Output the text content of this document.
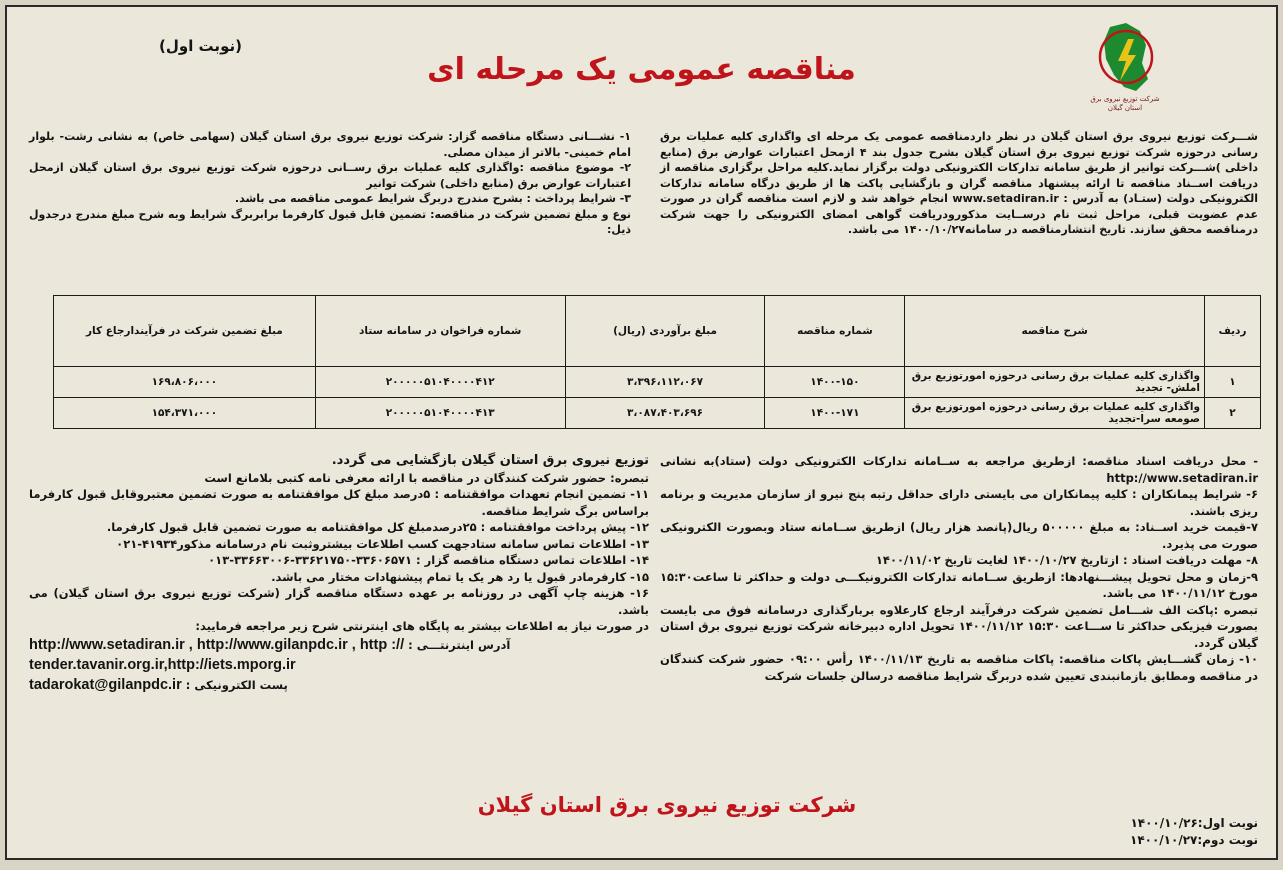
شرکت توزیع نیروی برق استان گیلان
(نوبت اول)
مناقصه عمومی یک مرحله ای

شـــرکت توزیع نیروی برق استان گیلان در نظر داردمناقصه عمومی یک مرحله ای واگذاری کلیه عملیات برق رسانی درحوزه شرکت توزیع نیروی برق استان گیلان بشرح جدول بند ۴ ازمحل اعتبارات عوارض برق (منابع داخلی )شـــرکت توانیر از طریق سامانه تدارکات الکترونیکی دولت برگزار نماید.کلیه مراحل برگزاری مناقصه از دریافت اســناد مناقصه تا ارائه پیشنهاد مناقصه گران و بازگشایی پاکت ها از طریق درگاه سامانه تدارکات الکترونیکی دولت (ستـاد) به آدرس : www.setadiran.ir انجام خواهد شد و لازم است مناقصه گران در صورت عدم عضویت قبلی، مراحل ثبت نام درســایت مذکورودریافت گواهی امضای الکترونیکی را جهت شرکت درمناقصه محقق سازند. تاریخ انتشارمناقصه در سامانه۱۴۰۰/۱۰/۲۷ می باشد.

۱- نشـــانی دستگاه مناقصه گزار: شرکت توزیع نیروی برق استان گیلان (سهامی خاص) به نشانی رشت- بلوار امام خمینی- بالاتر از میدان مصلی.

۲- موضوع مناقصه :واگذاری کلیه عملیات برق رســانی درحوزه شرکت توزیع نیروی برق استان گیلان ازمحل اعتبارات عوارض برق (منابع داخلی) شرکت توانیر

۳- شرایط پرداخت : بشرح مندرج دربرگ شرایط عمومی مناقصه می باشد.

نوع و مبلغ تضمین شرکت در مناقصه: تضمین قابل قبول کارفرما برابربرگ شرایط وبه شرح مبلغ مندرج درجدول ذیل:

ردیف	شرح مناقصه	شماره مناقصه	مبلغ برآوردی (ریال)	شماره فراخوان در سامانه ستاد	مبلغ تضمین شرکت در فرآیندارجاع کار
۱	واگذاری کلیه عملیات برق رسانی درحوزه امورتوزیع برق املش- تجدید	۱۴۰۰-۱۵۰	۳،۳۹۶،۱۱۲،۰۶۷	۲۰۰۰۰۰۵۱۰۴۰۰۰۰۴۱۲	۱۶۹،۸۰۶،۰۰۰
۲	واگذاری کلیه عملیات برق رسانی درحوزه امورتوزیع برق صومعه سرا-تجدید	۱۴۰۰-۱۷۱	۳،۰۸۷،۴۰۳،۶۹۶	۲۰۰۰۰۰۵۱۰۴۰۰۰۰۴۱۳	۱۵۴،۳۷۱،۰۰۰

- محل دریافت اسناد مناقصه: ازطریق مراجعه به ســامانه تدارکات الکترونیکی دولت (ستاد)به نشانی http://www.setadiran.ir

۶- شرایط پیمانکاران : کلیه پیمانکاران می بایستی دارای حداقل رتبه پنج نیرو از سازمان مدیریت و برنامه ریزی باشند.

۷-قیمت خرید اســناد: به مبلغ ۵۰۰۰۰۰ ریال(پانصد هزار ریال) ازطریق ســامانه ستاد وبصورت الکترونیکی صورت می پذیرد.

۸- مهلت دریافت اسناد : ازتاریخ ۱۴۰۰/۱۰/۲۷ لغایت تاریخ ۱۴۰۰/۱۱/۰۲

۹-زمان و محل تحویل پیشـــنهادها: ازطریق ســامانه تدارکات الکترونیکـــی دولت و حداکثر تا ساعت۱۵:۳۰ مورخ ۱۴۰۰/۱۱/۱۲ می باشد.

تبصره :پاکت الف شـــامل تضمین شرکت درفرآیند ارجاع کارعلاوه بربارگذاری درسامانه فوق می بایست بصورت فیزیکی حداکثر تا ســـاعت ۱۵:۳۰ ۱۴۰۰/۱۱/۱۲ تحویل اداره دبیرخانه شرکت توزیع نیروی برق استان گیلان گردد.

۱۰- زمان گشـــایش پاکات مناقصه: پاکات مناقصه به تاریخ ۱۴۰۰/۱۱/۱۳ رأس ۰۹:۰۰ حضور شرکت کنندگان در مناقصه ومطابق بازمانبندی تعیین شده دربرگ شرایط مناقصه درسالن جلسات شرکت

توزیع نیروی برق استان گیلان بازگشایی می گردد.

تبصره: حضور شرکت کنندگان در مناقصه با ارائه معرفی نامه کتبی بلامانع است

۱۱- تضمین انجام تعهدات موافقتنامه : ۵درصد مبلغ کل موافقتنامه به صورت تضمین معتبروقابل قبول کارفرما براساس برگ شرایط مناقصه.

۱۲- پیش پرداخت موافقتنامه : ۲۵درصدمبلغ کل موافقتنامه به صورت تضمین قابل قبول کارفرما.

۱۳- اطلاعات تماس سامانه ستادجهت کسب اطلاعات بیشتروثبت نام درسامانه مذکور۴۱۹۳۴-۰۲۱

۱۴- اطلاعات تماس دستگاه مناقصه گزار : ۳۳۶۰۶۵۷۱-۳۳۶۲۱۷۵۰-۳۳۶۶۳۰۰۶-۰۱۳

۱۵- کارفرمادر قبول یا رد هر یک یا تمام پیشنهادات مختار می باشد.

۱۶- هزینه چاپ آگهی در روزنامه بر عهده دستگاه مناقصه گزار (شرکت توزیع نیروی برق استان گیلان) می باشد.

در صورت نیاز به اطلاعات بیشتر به پایگاه های اینترنتی شرح زیر مراجعه فرمایید:

آدرس اینترنتـــی : http://www.setadiran.ir , http://www.gilanpdc.ir , http ://

tender.tavanir.org.ir,http://iets.mporg.ir

پست الکترونیکی : tadarokat@gilanpdc.ir

شرکت توزیع نیروی برق استان گیلان
نوبت اول:۱۴۰۰/۱۰/۲۶
نوبت دوم:۱۴۰۰/۱۰/۲۷
